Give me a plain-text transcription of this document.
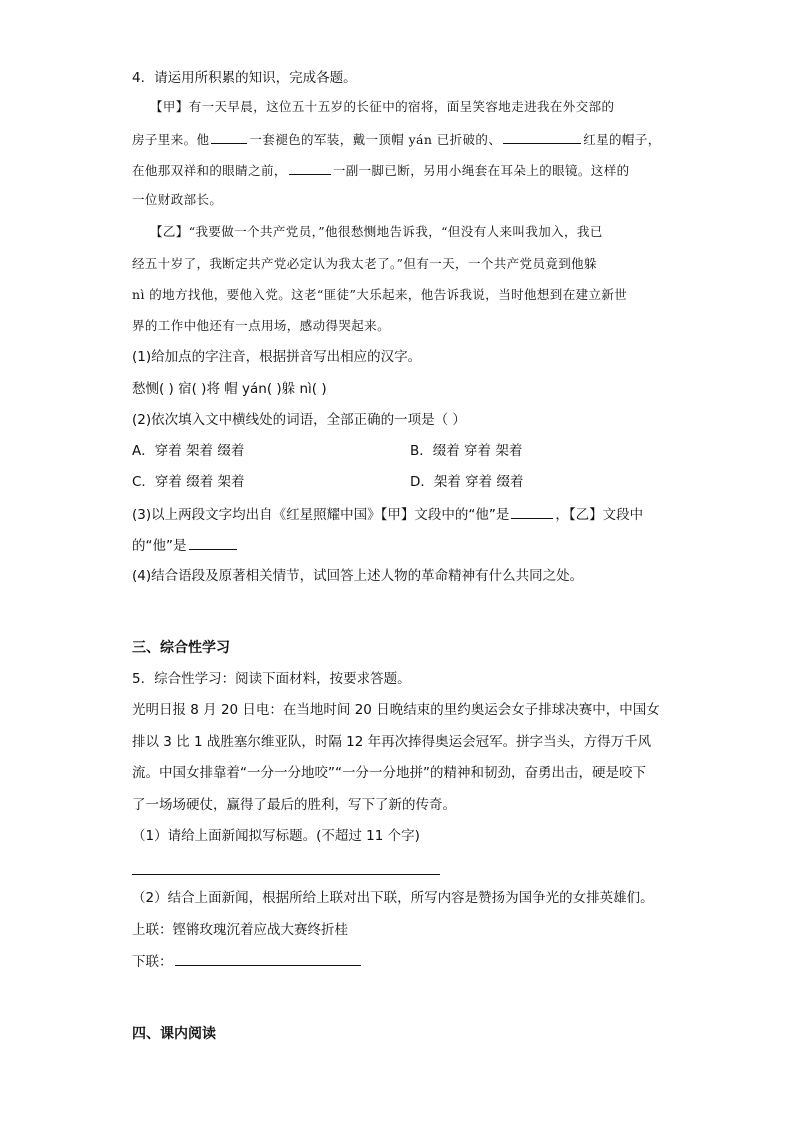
4．请运用所积累的知识，完成各题。
【甲】有一天早晨，这位五十五岁的长征中的宿将，面呈笑容地走进我在外交部的
房子里来。他	一套褪色的军装，戴一顶帽 yán 已折破的、	红星的帽子，
在他那双祥和的眼睛之前，	一副一脚已断，另用小绳套在耳朵上的眼镜。这样的
一位财政部长。
【乙】“我要做一个共产党员，”他很愁恻地告诉我，“但没有人来叫我加入，我已
经五十岁了，我断定共产党必定认为我太老了。”但有一天，一个共产党员竟到他躲
nì 的地方找他，要他入党。这老“匪徒”大乐起来，他告诉我说，当时他想到在建立新世
界的工作中他还有一点用场，感动得哭起来。
(1)给加点的字注音，根据拼音写出相应的汉字。
愁恻( ) 宿( )将 帽 yán( )躲 nì( )
(2)依次填入文中横线处的词语，全部正确的一项是（ ）
A．穿着 架着 缀着	B．缀着 穿着 架着
C．穿着 缀着 架着	D．架着 穿着 缀着
(3)以上两段文字均出自《红星照耀中国》【甲】文段中的“他”是	，【乙】文段中
的“他”是
(4)结合语段及原著相关情节，试回答上述人物的革命精神有什么共同之处。
三、综合性学习
5．综合性学习：阅读下面材料，按要求答题。
光明日报 8 月 20 日电：在当地时间 20 日晚结束的里约奥运会女子排球决赛中，中国女
排以 3 比 1 战胜塞尔维亚队，时隔 12 年再次捧得奥运会冠军。拼字当头，方得万千风
流。中国女排靠着“一分一分地咬”“一分一分地拼”的精神和韧劲，奋勇出击，硬是咬下
了一场场硬仗，赢得了最后的胜利，写下了新的传奇。
（1）请给上面新闻拟写标题。(不超过 11 个字)
（2）结合上面新闻，根据所给上联对出下联，所写内容是赞扬为国争光的女排英雄们。
上联：铿锵玫瑰沉着应战大赛终折桂
下联：
四、课内阅读
